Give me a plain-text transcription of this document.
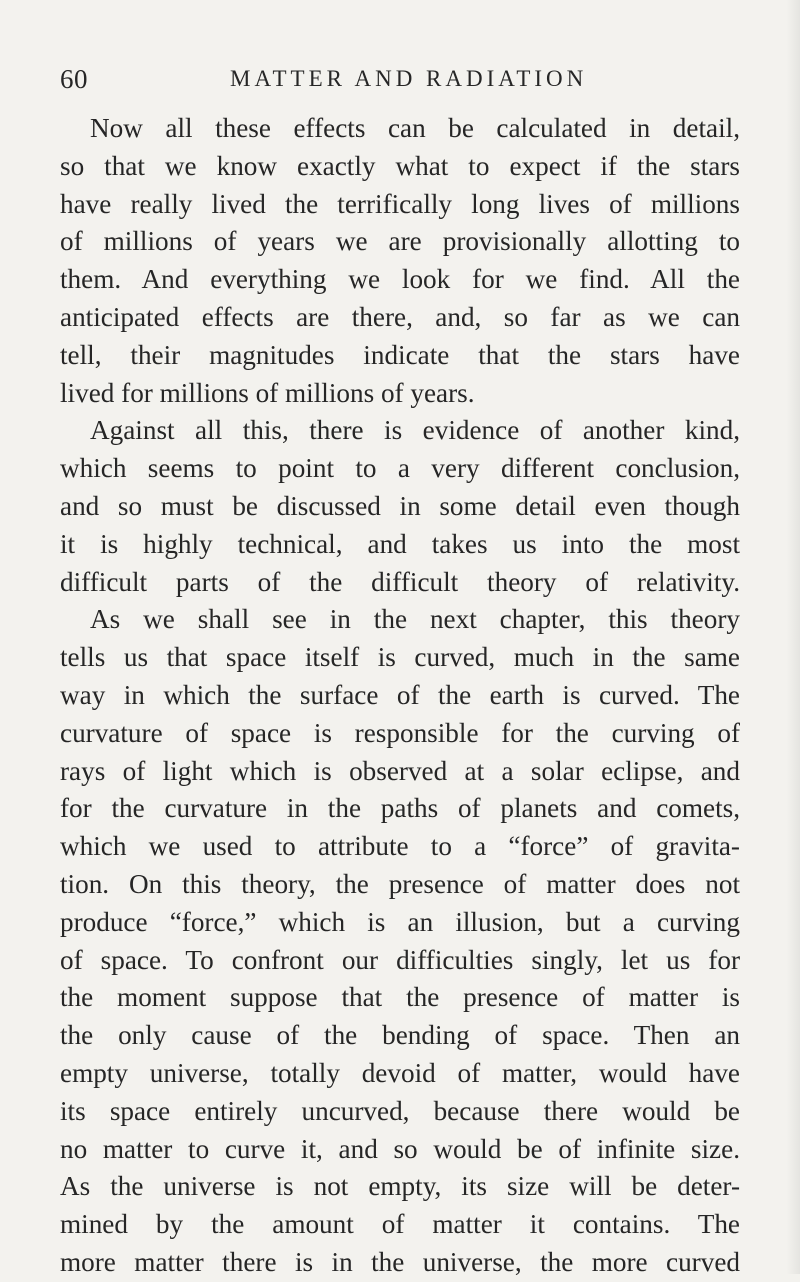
60	MATTER AND RADIATION
Now all these effects can be calculated in detail,
so that we know exactly what to expect if the stars
have really lived the terrifically long lives of millions
of millions of years we are provisionally allotting to
them. And everything we look for we find. All the
anticipated effects are there, and, so far as we can
tell, their magnitudes indicate that the stars have
lived for millions of millions of years.
Against all this, there is evidence of another kind,
which seems to point to a very different conclusion,
and so must be discussed in some detail even though
it is highly technical, and takes us into the most
difficult parts of the difficult theory of relativity.
As we shall see in the next chapter, this theory
tells us that space itself is curved, much in the same
way in which the surface of the earth is curved. The
curvature of space is responsible for the curving of
rays of light which is observed at a solar eclipse, and
for the curvature in the paths of planets and comets,
which we used to attribute to a “force” of gravita-
tion. On this theory, the presence of matter does not
produce “force,” which is an illusion, but a curving
of space. To confront our difficulties singly, let us for
the moment suppose that the presence of matter is
the only cause of the bending of space. Then an
empty universe, totally devoid of matter, would have
its space entirely uncurved, because there would be
no matter to curve it, and so would be of infinite size.
As the universe is not empty, its size will be deter-
mined by the amount of matter it contains. The
more matter there is in the universe, the more curved
